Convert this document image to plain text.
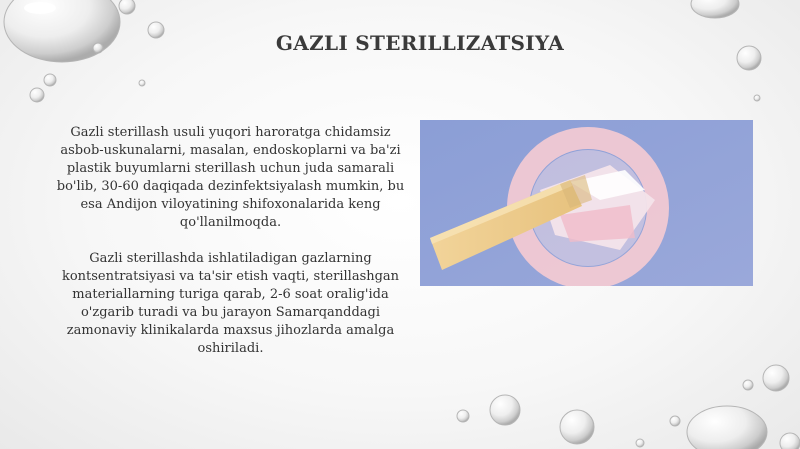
GAZLI STERILLIZATSIYA

Gazli sterillash usuli yuqori haroratga chidamsiz asbob-uskunalarni, masalan, endoskoplarni va ba'zi plastik buyumlarni sterillash uchun juda samarali bo'lib, 30-60 daqiqada dezinfektsiyalash mumkin, bu esa Andijon viloyatining shifoxonalarida keng qo'llanilmoqda.

Gazli sterillashda ishlatiladigan gazlarning kontsentratsiyasi va ta'sir etish vaqti, sterillashgan materiallarning turiga qarab, 2-6 soat oralig'ida o'zgarib turadi va bu jarayon Samarqanddagi zamonaviy klinikalarda maxsus jihozlarda amalga oshiriladi.
